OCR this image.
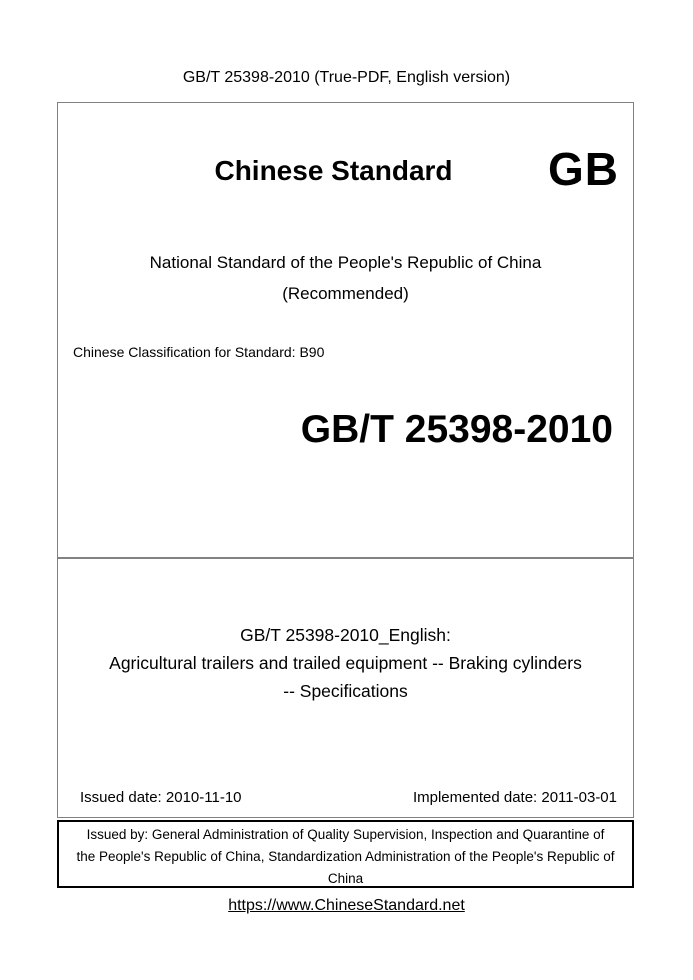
GB/T 25398-2010 (True-PDF, English version)
Chinese Standard	GB
National Standard of the People's Republic of China
(Recommended)
Chinese Classification for Standard: B90
GB/T 25398-2010
GB/T 25398-2010_English:
Agricultural trailers and trailed equipment -- Braking cylinders
-- Specifications
Issued date: 2010-11-10	Implemented date: 2011-03-01
Issued by: General Administration of Quality Supervision, Inspection and Quarantine of
the People's Republic of China, Standardization Administration of the People's Republic of
China
https://www.ChineseStandard.net
